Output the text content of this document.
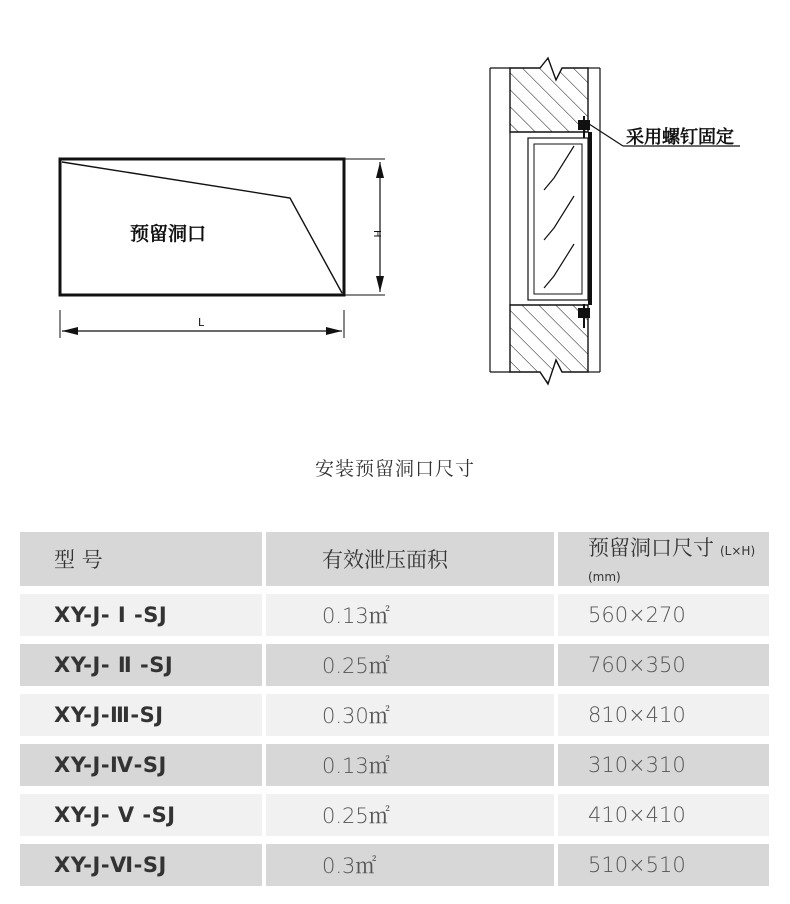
预留洞口	H
L
采用螺钉固定
安装预留洞口尺寸
型 号	有效泄压面积	预留洞口尺寸 (L×H) (mm)
XY-J- Ⅰ -SJ	0.13㎡	560×270
XY-J- Ⅱ -SJ	0.25㎡	760×350
XY-J-Ⅲ-SJ	0.30㎡	810×410
XY-J-Ⅳ-SJ	0.13㎡	310×310
XY-J- Ⅴ -SJ	0.25㎡	410×410
XY-J-Ⅵ-SJ	0.3㎡	510×510
